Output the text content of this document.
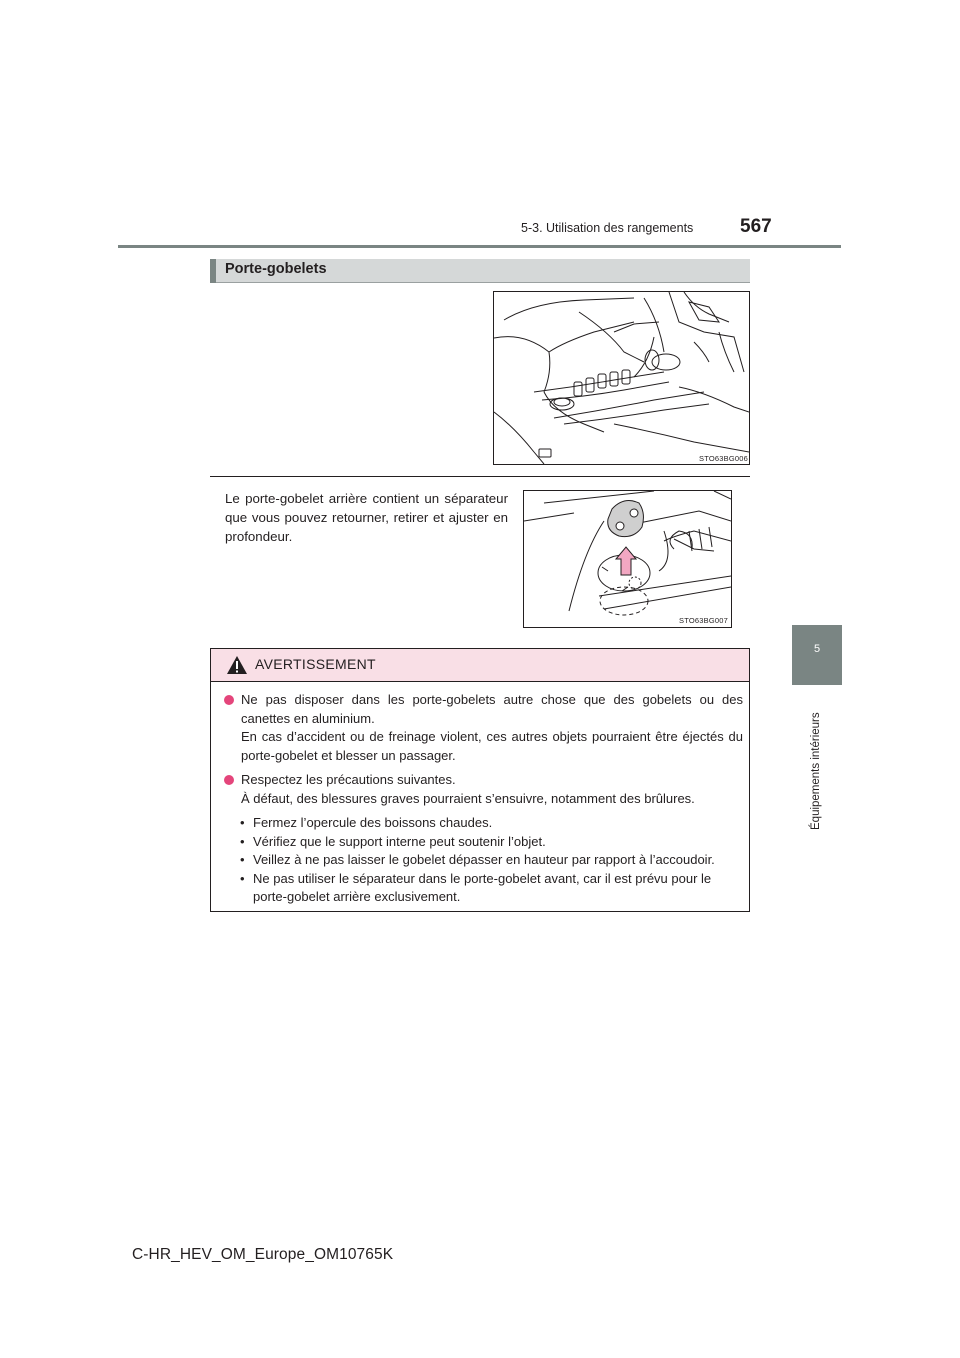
5-3. Utilisation des rangements 567
5
Équipements intérieurs
Porte-gobelets
STO63BG006
Le porte-gobelet arrière contient un séparateur que vous pouvez retourner, retirer et ajuster en profondeur.
STO63BG007
AVERTISSEMENT

Ne pas disposer dans les porte-gobelets autre chose que des gobelets ou des canettes en aluminium.

En cas d’accident ou de freinage violent, ces autres objets pourraient être éjectés du porte-gobelet et blesser un passager.

Respectez les précautions suivantes.

À défaut, des blessures graves pourraient s’ensuivre, notamment des brûlures.

• Fermez l’opercule des boissons chaudes.
• Vérifiez que le support interne peut soutenir l’objet.
• Veillez à ne pas laisser le gobelet dépasser en hauteur par rapport à l’accoudoir.
• Ne pas utiliser le séparateur dans le porte-gobelet avant, car il est prévu pour le porte-gobelet arrière exclusivement.
C-HR_HEV_OM_Europe_OM10765K
